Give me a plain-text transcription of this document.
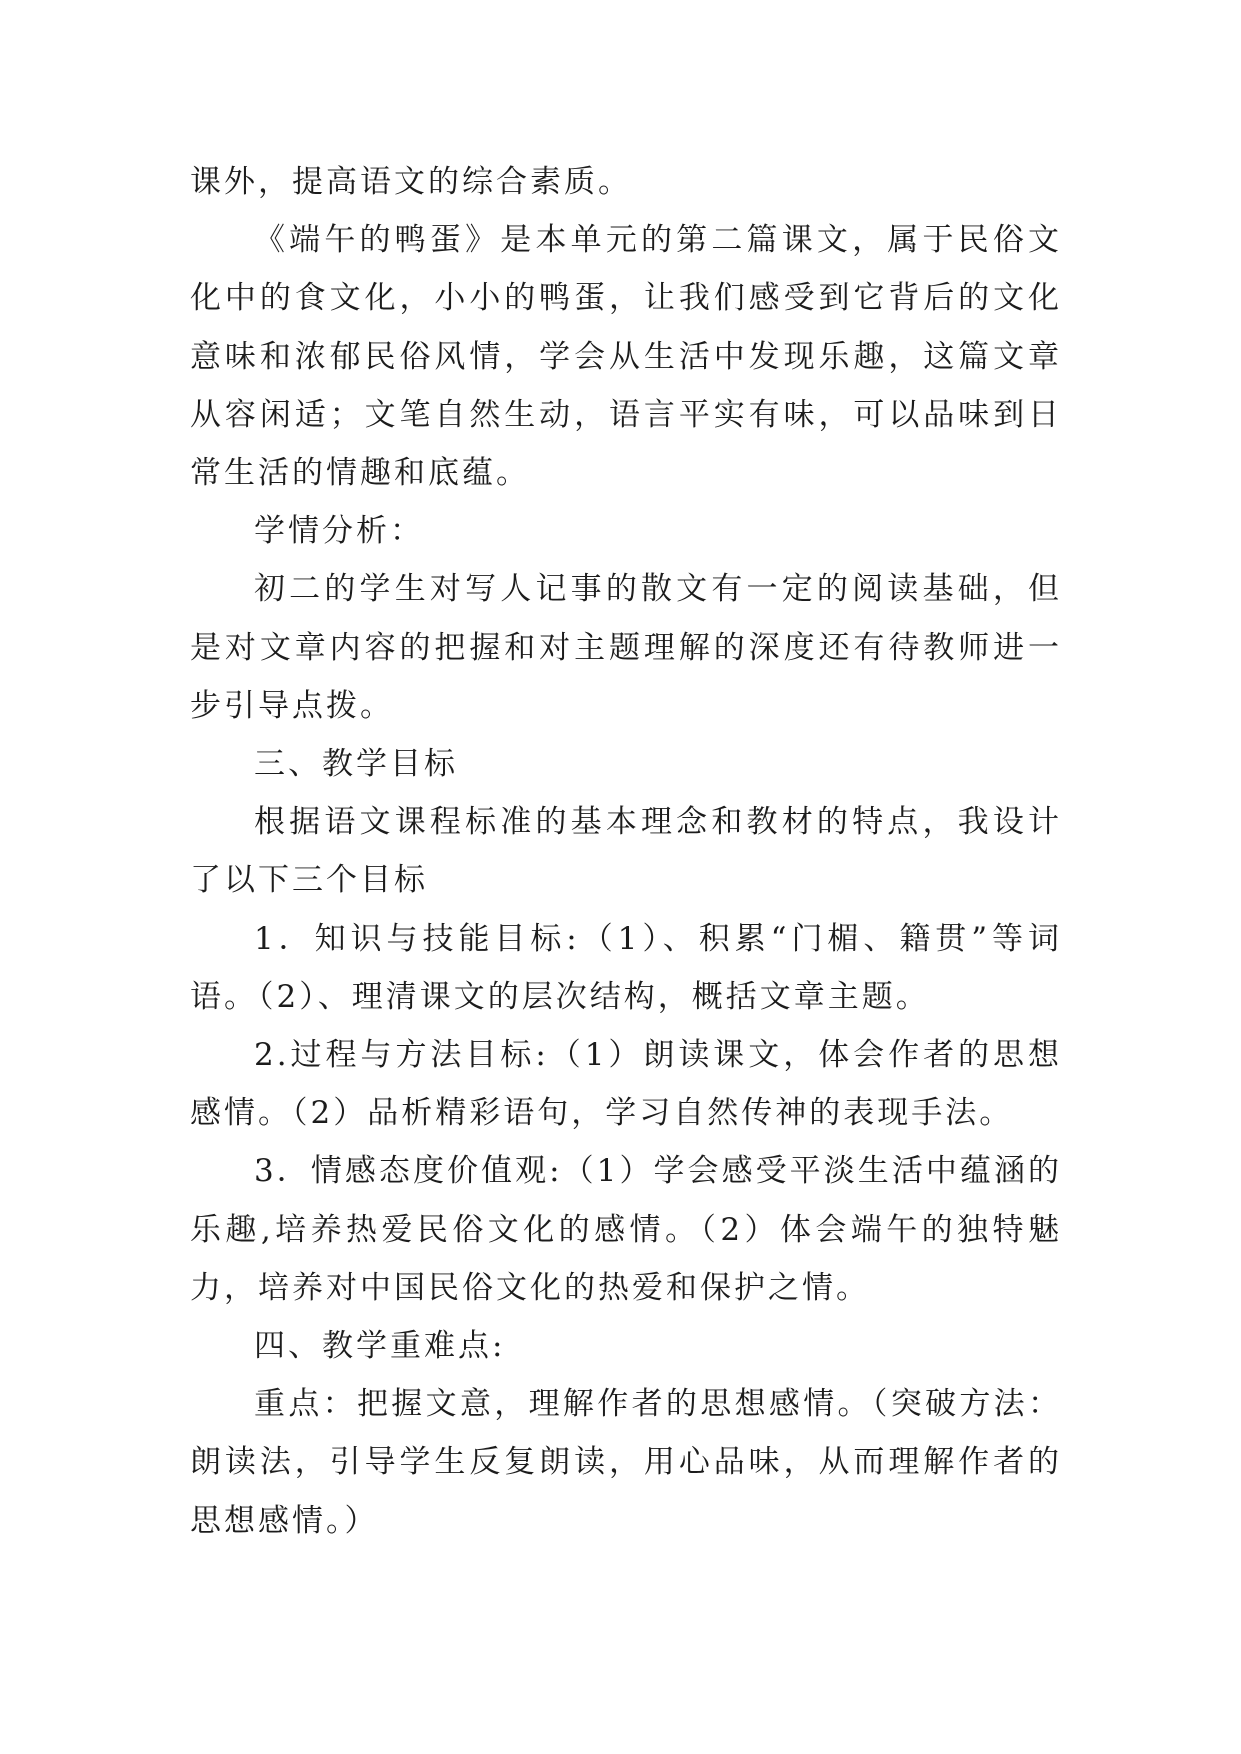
课外，提高语文的综合素质。

《端午的鸭蛋》是本单元的第二篇课文，属于民俗文化中的食文化，小小的鸭蛋，让我们感受到它背后的文化意味和浓郁民俗风情，学会从生活中发现乐趣，这篇文章从容闲适；文笔自然生动，语言平实有味，可以品味到日常生活的情趣和底蕴。

学情分析：

初二的学生对写人记事的散文有一定的阅读基础，但是对文章内容的把握和对主题理解的深度还有待教师进一步引导点拨。

三、教学目标

根据语文课程标准的基本理念和教材的特点，我设计了以下三个目标

1．知识与技能目标:（1）、积累“门楣、籍贯”等词语。（2）、理清课文的层次结构，概括文章主题。

2.过程与方法目标:（1）朗读课文，体会作者的思想感情。（2）品析精彩语句，学习自然传神的表现手法。

3．情感态度价值观:（1）学会感受平淡生活中蕴涵的乐趣,培养热爱民俗文化的感情。（2）体会端午的独特魅力，培养对中国民俗文化的热爱和保护之情。

四、教学重难点:

重点：把握文意，理解作者的思想感情。（突破方法：朗读法，引导学生反复朗读，用心品味，从而理解作者的思想感情。）
